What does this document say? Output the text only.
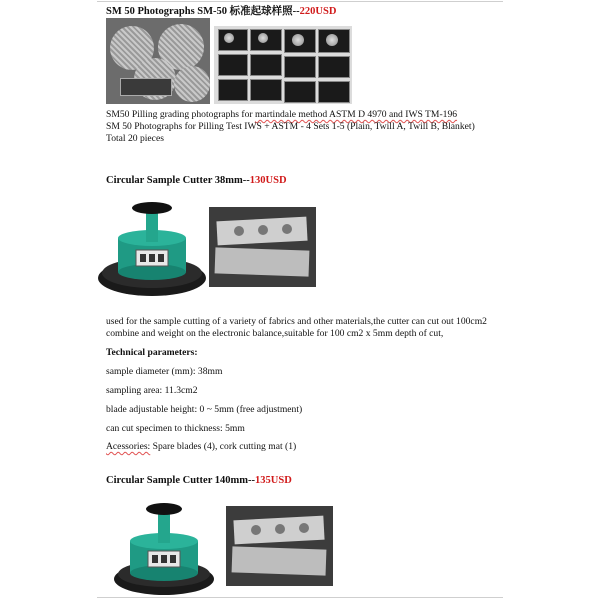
SM 50 Photographs SM-50 标准起球样照--220USD
SM50 Pilling grading photographs for martindale method ASTM D 4970 and IWS TM-196
SM 50 Photographs for Pilling Test IWS + ASTM - 4 Sets 1-5 (Plain, Twill A, Twill B, Blanket)
Total 20 pieces
Circular Sample Cutter 38mm--130USD
used for the sample cutting of a variety of fabrics and other materials,the cutter can cut out 100cm2
combine and weight on the electronic balance,suitable for 100 cm2 x 5mm depth of cut,
Technical parameters:
sample diameter (mm): 38mm
sampling area: 11.3cm2
blade adjustable height: 0 ~ 5mm (free adjustment)
can cut specimen to thickness: 5mm
Acessories: Spare blades (4), cork cutting mat (1)
Circular Sample Cutter 140mm--135USD
